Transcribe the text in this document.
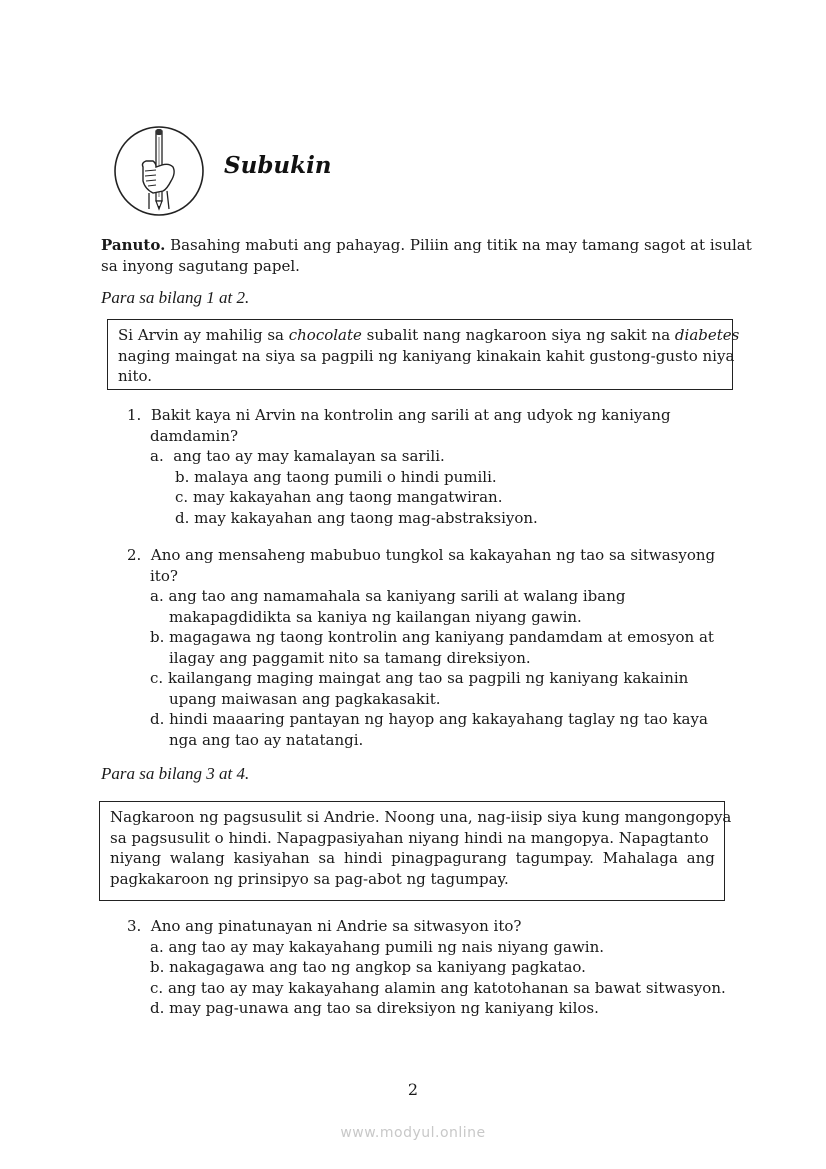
Subukin
Panuto. Basahing mabuti ang pahayag. Piliin ang titik na may tamang sagot at isulat
sa inyong sagutang papel.
Para sa bilang 1 at 2.
Si Arvin ay mahilig sa chocolate subalit nang nagkaroon siya ng sakit na diabetes
naging maingat na siya sa pagpili ng kaniyang kinakain kahit gustong-gusto niya
nito.
1. Bakit kaya ni Arvin na kontrolin ang sarili at ang udyok ng kaniyang
damdamin?
a. ang tao ay may kamalayan sa sarili.
b. malaya ang taong pumili o hindi pumili.
c. may kakayahan ang taong mangatwiran.
d. may kakayahan ang taong mag-abstraksiyon.
2. Ano ang mensaheng mabubuo tungkol sa kakayahan ng tao sa sitwasyong
ito?
a. ang tao ang namamahala sa kaniyang sarili at walang ibang
makapagdidikta sa kaniya ng kailangan niyang gawin.
b. magagawa ng taong kontrolin ang kaniyang pandamdam at emosyon at
ilagay ang paggamit nito sa tamang direksiyon.
c. kailangang maging maingat ang tao sa pagpili ng kaniyang kakainin
upang maiwasan ang pagkakasakit.
d. hindi maaaring pantayan ng hayop ang kakayahang taglay ng tao kaya
nga ang tao ay natatangi.
Para sa bilang 3 at 4.
Nagkaroon ng pagsusulit si Andrie. Noong una, nag-iisip siya kung mangongopya
sa pagsusulit o hindi. Napagpasiyahan niyang hindi na mangopya. Napagtanto
niyang walang kasiyahan sa hindi pinagpagurang tagumpay. Mahalaga ang
pagkakaroon ng prinsipyo sa pag-abot ng tagumpay.
3. Ano ang pinatunayan ni Andrie sa sitwasyon ito?
a. ang tao ay may kakayahang pumili ng nais niyang gawin.
b. nakagagawa ang tao ng angkop sa kaniyang pagkatao.
c. ang tao ay may kakayahang alamin ang katotohanan sa bawat sitwasyon.
d. may pag-unawa ang tao sa direksiyon ng kaniyang kilos.
2
www.modyul.online
